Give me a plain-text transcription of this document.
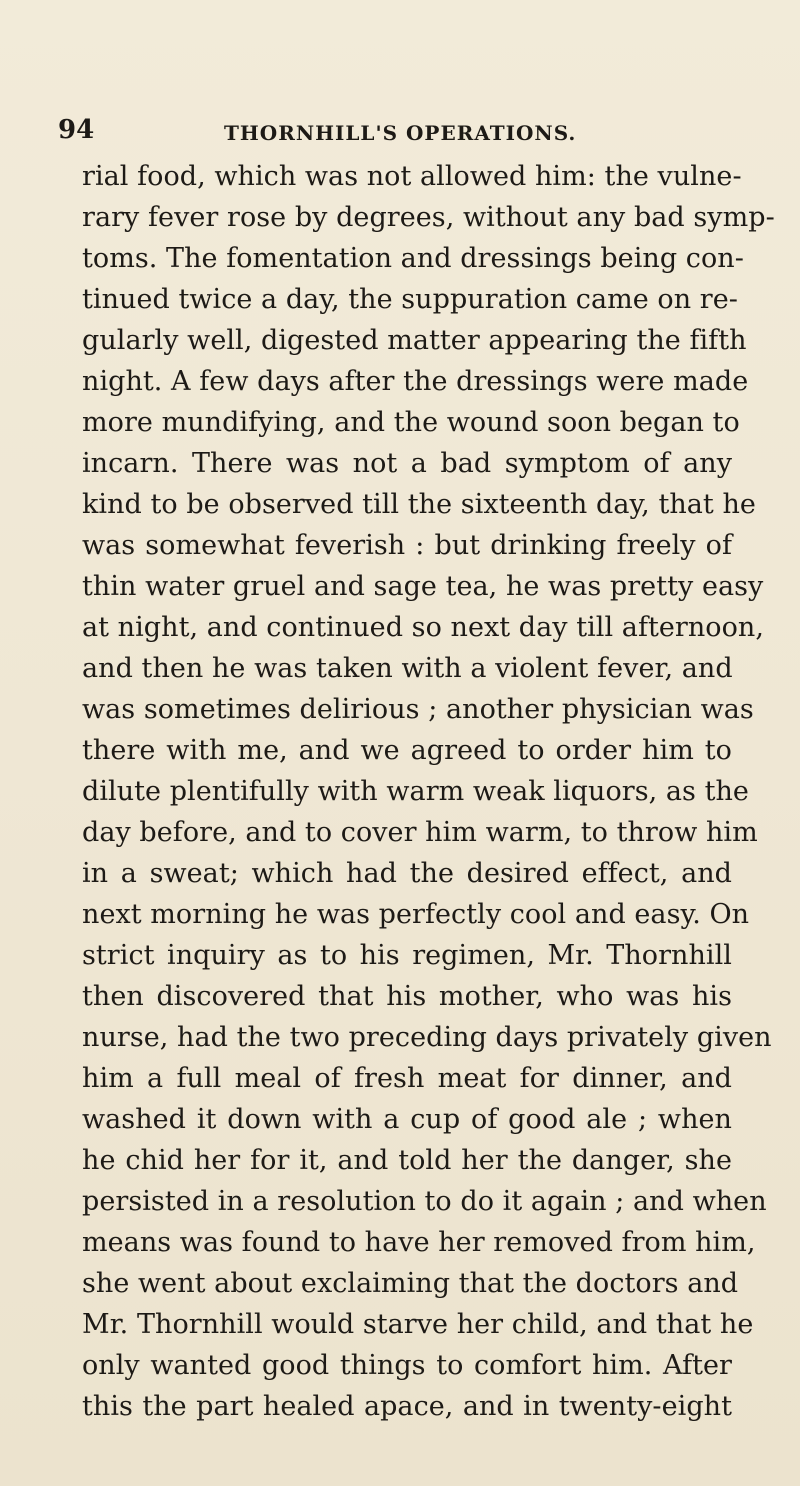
94	THORNHILL'S OPERATIONS.
rial food, which was not allowed him: the vulne-
rary fever rose by degrees, without any bad symp-
toms. The fomentation and dressings being con-
tinued twice a day, the suppuration came on re-
gularly well, digested matter appearing the fifth
night. A few days after the dressings were made
more mundifying, and the wound soon began to
incarn. There was not a bad symptom of any
kind to be observed till the sixteenth day, that he
was somewhat feverish : but drinking freely of
thin water gruel and sage tea, he was pretty easy
at night, and continued so next day till afternoon,
and then he was taken with a violent fever, and
was sometimes delirious ; another physician was
there with me, and we agreed to order him to
dilute plentifully with warm weak liquors, as the
day before, and to cover him warm, to throw him
in a sweat; which had the desired effect, and
next morning he was perfectly cool and easy. On
strict inquiry as to his regimen, Mr. Thornhill
then discovered that his mother, who was his
nurse, had the two preceding days privately given
him a full meal of fresh meat for dinner, and
washed it down with a cup of good ale ; when
he chid her for it, and told her the danger, she
persisted in a resolution to do it again ; and when
means was found to have her removed from him,
she went about exclaiming that the doctors and
Mr. Thornhill would starve her child, and that he
only wanted good things to comfort him. After
this the part healed apace, and in twenty-eight
